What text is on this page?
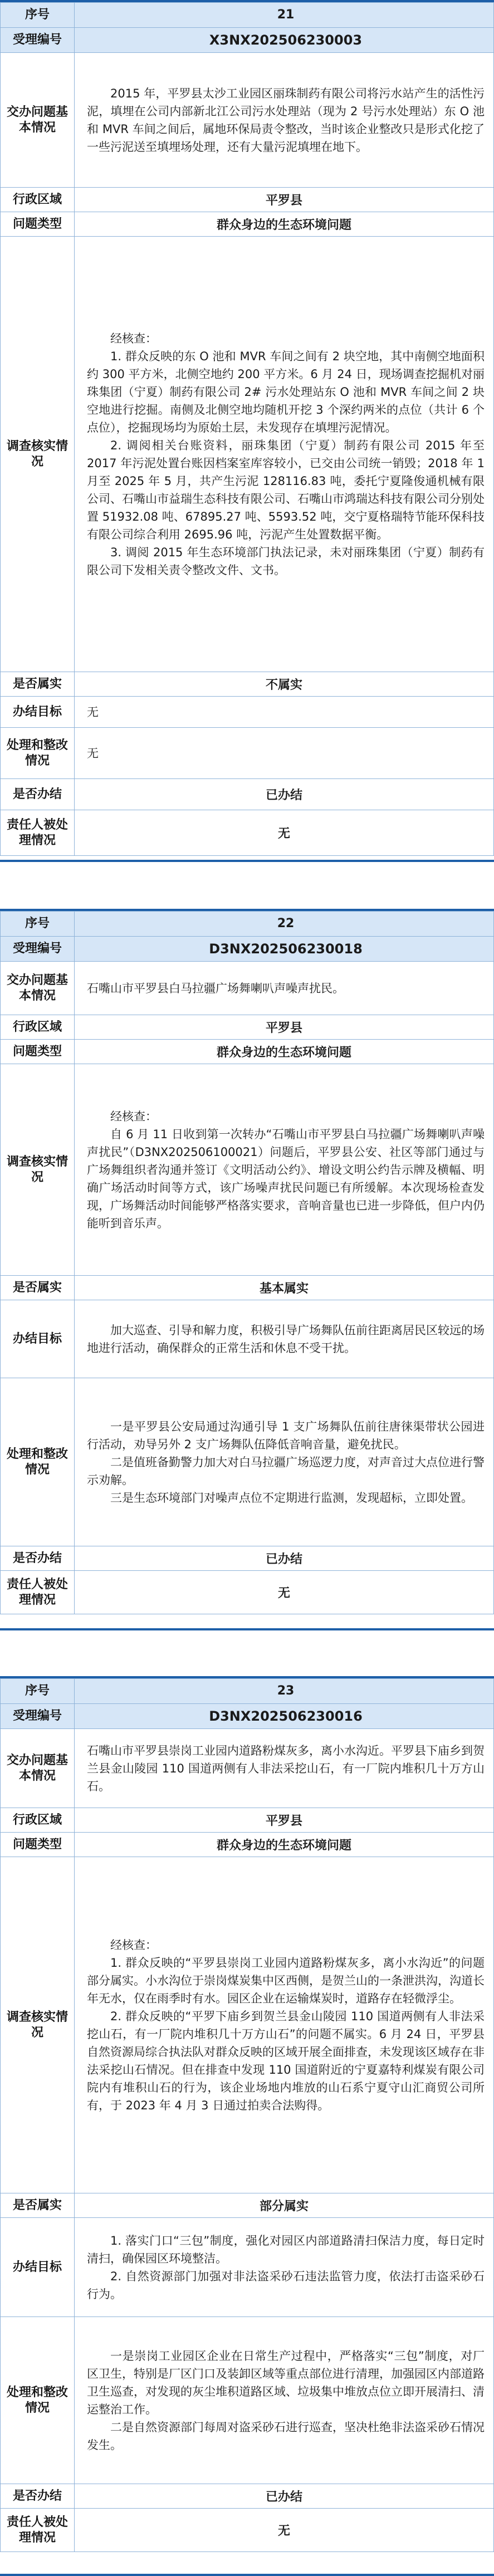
序号	21
受理编号	X3NX202506230003
交办问题基本情况	2015 年，平罗县太沙工业园区丽珠制药有限公司将污水站产生的活性污泥，填埋在公司内部新北江公司污水处理站（现为 2 号污水处理站）东 O 池和 MVR 车间之间后，属地环保局责令整改，当时该企业整改只是形式化挖了一些污泥送至填埋场处理，还有大量污泥填埋在地下。

行政区域	平罗县
问题类型	群众身边的生态环境问题
调查核实情况	经核查：

1. 群众反映的东 O 池和 MVR 车间之间有 2 块空地，其中南侧空地面积约 300 平方米，北侧空地约 200 平方米。6 月 24 日，现场调查挖掘机对丽珠集团（宁夏）制药有限公司 2# 污水处理站东 O 池和 MVR 车间之间 2 块空地进行挖掘。南侧及北侧空地均随机开挖 3 个深约两米的点位（共计 6 个点位），挖掘现场均为原始土层，未发现存在填埋污泥情况。

2. 调阅相关台账资料，丽珠集团（宁夏）制药有限公司 2015 年至 2017 年污泥处置台账因档案室库容较小，已交由公司统一销毁；2018 年 1 月至 2025 年 5 月，共产生污泥 128116.83 吨，委托宁夏隆俊通机械有限公司、石嘴山市益瑞生态科技有限公司、石嘴山市鸿瑞达科技有限公司分别处置 51932.08 吨、67895.27 吨、5593.52 吨，交宁夏格瑞特节能环保科技有限公司综合利用 2695.96 吨，污泥产生处置数据平衡。

3. 调阅 2015 年生态环境部门执法记录，未对丽珠集团（宁夏）制药有限公司下发相关责令整改文件、文书。

是否属实	不属实
办结目标	无
处理和整改情况	无

是否办结	已办结
责任人被处理情况	无
序号	22
受理编号	D3NX202506230018
交办问题基本情况	石嘴山市平罗县白马拉疆广场舞喇叭声噪声扰民。

行政区域	平罗县
问题类型	群众身边的生态环境问题
调查核实情况	经核查：

自 6 月 11 日收到第一次转办“石嘴山市平罗县白马拉疆广场舞喇叭声噪声扰民”（D3NX202506100021）问题后，平罗县公安、社区等部门通过与广场舞组织者沟通并签订《文明活动公约》、增设文明公约告示牌及横幅、明确广场活动时间等方式，该广场噪声扰民问题已有所缓解。本次现场检查发现，广场舞活动时间能够严格落实要求，音响音量也已进一步降低，但户内仍能听到音乐声。

是否属实	基本属实
办结目标	加大巡查、引导和解力度，积极引导广场舞队伍前往距离居民区较远的场地进行活动，确保群众的正常生活和休息不受干扰。

处理和整改情况	一是平罗县公安局通过沟通引导 1 支广场舞队伍前往唐徕渠带状公园进行活动，劝导另外 2 支广场舞队伍降低音响音量，避免扰民。

二是值班备勤警力加大对白马拉疆广场巡逻力度，对声音过大点位进行警示劝解。

三是生态环境部门对噪声点位不定期进行监测，发现超标，立即处置。

是否办结	已办结
责任人被处理情况	无
序号	23
受理编号	D3NX202506230016
交办问题基本情况	石嘴山市平罗县崇岗工业园内道路粉煤灰多，离小水沟近。平罗县下庙乡到贺兰县金山陵园 110 国道两侧有人非法采挖山石，有一厂院内堆积几十万方山石。

行政区域	平罗县
问题类型	群众身边的生态环境问题
调查核实情况	经核查：

1. 群众反映的“平罗县崇岗工业园内道路粉煤灰多，离小水沟近”的问题部分属实。小水沟位于崇岗煤炭集中区西侧，是贺兰山的一条泄洪沟，沟道长年无水，仅在雨季时有水。园区企业在运输煤炭时，道路存在轻微浮尘。

2. 群众反映的“平罗下庙乡到贺兰县金山陵园 110 国道两侧有人非法采挖山石，有一厂院内堆积几十万方山石”的问题不属实。6 月 24 日，平罗县自然资源局综合执法队对群众反映的区域开展全面排查，未发现该区域存在非法采挖山石情况。但在排查中发现 110 国道附近的宁夏嘉特利煤炭有限公司院内有堆积山石的行为，该企业场地内堆放的山石系宁夏守山汇商贸公司所有，于 2023 年 4 月 3 日通过拍卖合法购得。

是否属实	部分属实
办结目标	1. 落实门口“三包”制度，强化对园区内部道路清扫保洁力度，每日定时清扫，确保园区环境整洁。

2. 自然资源部门加强对非法盗采砂石违法监管力度，依法打击盗采砂石行为。

处理和整改情况	一是崇岗工业园区企业在日常生产过程中，严格落实“三包”制度，对厂区卫生，特别是厂区门口及装卸区域等重点部位进行清理，加强园区内部道路卫生巡查，对发现的灰尘堆积道路区域、垃圾集中堆放点位立即开展清扫、清运整治工作。

二是自然资源部门每周对盗采砂石进行巡查，坚决杜绝非法盗采砂石情况发生。

是否办结	已办结
责任人被处理情况	无
